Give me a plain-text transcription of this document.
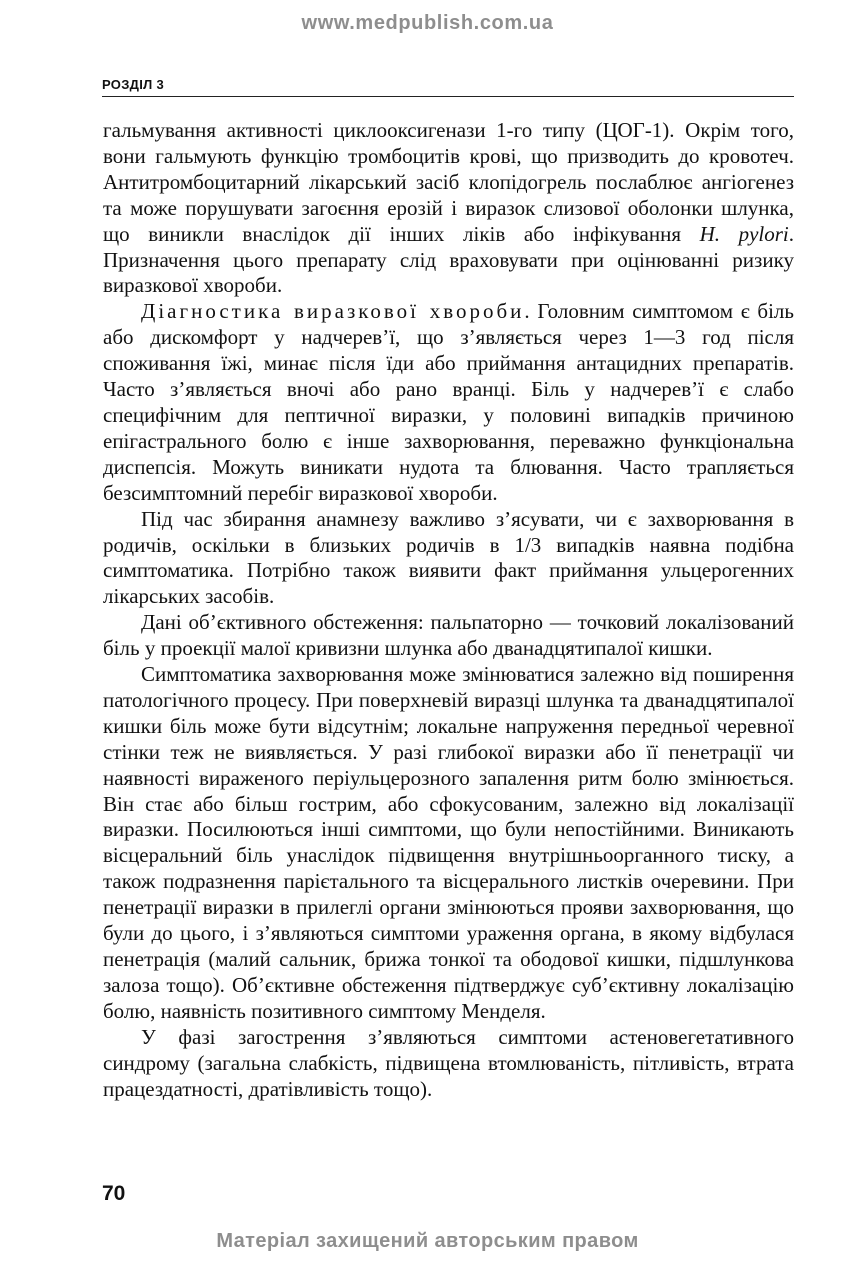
www.medpublish.com.ua
РОЗДІЛ 3

гальмування активності циклооксигенази 1-го типу (ЦОГ-1). Окрім того, вони гальмують функцію тромбоцитів крові, що призводить до кровотеч. Антитромбоцитарний лікарський засіб клопідогрель послаблює ангіогенез та може порушувати загоєння ерозій і виразок слизової оболонки шлунка, що виникли внаслідок дії інших ліків або інфікування H. pylori. Призначення цього препарату слід враховувати при оцінюванні ризику виразкової хвороби.

Діагностика виразкової хвороби. Головним симптомом є біль або дискомфорт у надчерев’ї, що з’являється через 1—3 год після споживання їжі, минає після їди або приймання антацидних препаратів. Часто з’являється вночі або рано вранці. Біль у надчерев’ї є слабо специфічним для пептичної виразки, у половині випадків причиною епігастрального болю є інше захворювання, переважно функціональна диспепсія. Можуть виникати нудота та блювання. Часто трапляється безсимптомний перебіг виразкової хвороби.

Під час збирання анамнезу важливо з’ясувати, чи є захворювання в родичів, оскільки в близьких родичів в 1/3 випадків наявна подібна симптоматика. Потрібно також виявити факт приймання ульцерогенних лікарських засобів.

Дані об’єктивного обстеження: пальпаторно — точковий локалізований біль у проекції малої кривизни шлунка або дванадцятипалої кишки.

Симптоматика захворювання може змінюватися залежно від поширення патологічного процесу. При поверхневій виразці шлунка та дванадцятипалої кишки біль може бути відсутнім; локальне напруження передньої черевної стінки теж не виявляється. У разі глибокої виразки або її пенетрації чи наявності вираженого періульцерозного запалення ритм болю змінюється. Він стає або більш гострим, або сфокусованим, залежно від локалізації виразки. Посилюються інші симптоми, що були непостійними. Виникають вісцеральний біль унаслідок підвищення внутрішньоорганного тиску, а також подразнення парієтального та вісцерального листків очеревини. При пенетрації виразки в прилеглі органи змінюються прояви захворювання, що були до цього, і з’являються симптоми ураження органа, в якому відбулася пенетрація (малий сальник, брижа тонкої та ободової кишки, підшлункова залоза тощо). Об’єктивне обстеження підтверджує суб’єктивну локалізацію болю, наявність позитивного симптому Менделя.

У фазі загострення з’являються симптоми астеновегетативного синдрому (загальна слабкість, підвищена втомлюваність, пітливість, втрата працездатності, дратівливість тощо).

70
Матеріал захищений авторським правом
